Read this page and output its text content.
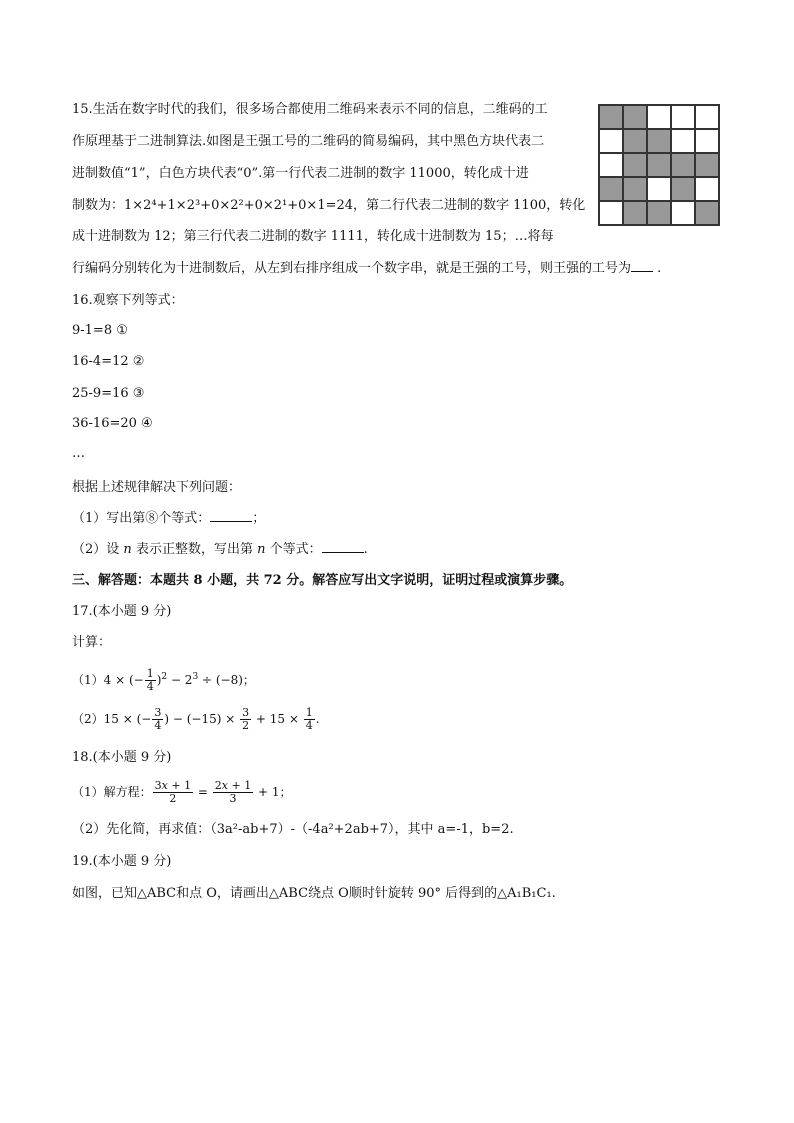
15.生活在数字时代的我们，很多场合都使用二维码来表示不同的信息，二维码的工
作原理基于二进制算法.如图是王强工号的二维码的简易编码，其中黑色方块代表二
进制数值“1”，白色方块代表“0”.第一行代表二进制的数字 11000，转化成十进
制数为：1×2⁴+1×2³+0×2²+0×2¹+0×1=24，第二行代表二进制的数字 1100，转化
成十进制数为 12；第三行代表二进制的数字 1111，转化成十进制数为 15；…将每
行编码分别转化为十进制数后，从左到右排序组成一个数字串，就是王强的工号，则王强的工号为 .
16.观察下列等式：
9-1=8 ①
16-4=12 ②
25-9=16 ③
36-16=20 ④
…
根据上述规律解决下列问题：
（1）写出第⑧个等式：	；
（2）设 n 表示正整数，写出第 n 个等式：	.
三、解答题：本题共 8 小题，共 72 分。解答应写出文字说明，证明过程或演算步骤。
17.(本小题 9 分)
计算：
（1）4 × (− $\frac{1}{4} )^2 - 2^3 \div (-8)$；
（2）15 × (− $\frac{3}{4}$ ) − $(-15) \times \frac{3}{2} + 15 \times \frac{1}{4}$ .
18.(本小题 9 分)
（1）解方程： $\frac{3x + 1}{2} = \frac{2x + 1}{3} + 1$；
（2）先化简，再求值：（3a²-ab+7）-（-4a²+2ab+7），其中 a=-1，b=2.
19.(本小题 9 分)
如图，已知△ABC和点 O，请画出△ABC绕点 O顺时针旋转 90° 后得到的△A₁B₁C₁.
